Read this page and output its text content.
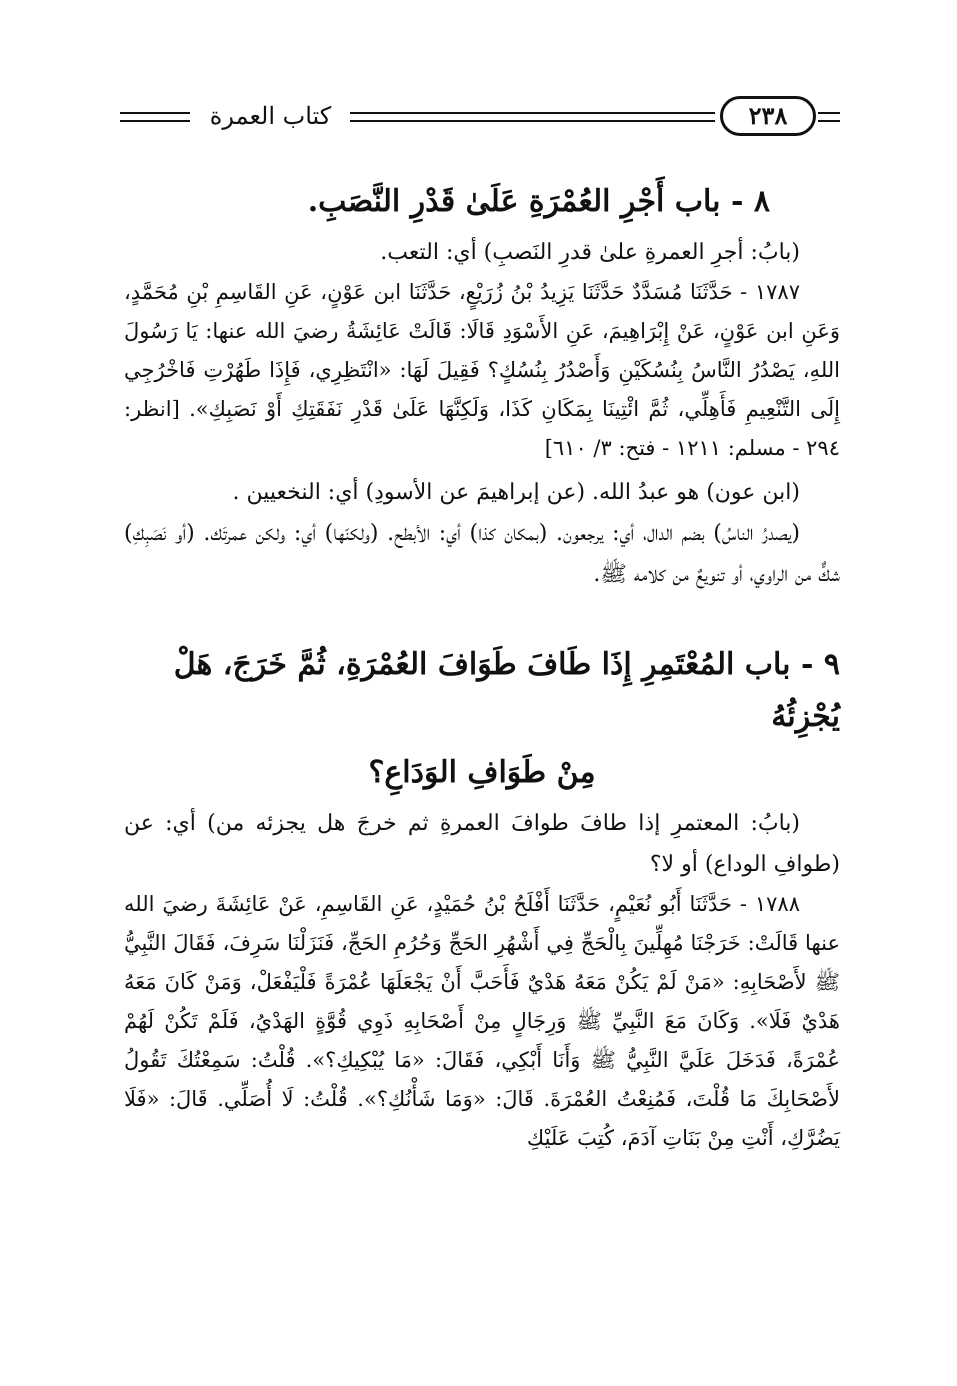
كتاب العمرة	٢٣٨
٨ - باب أَجْرِ العُمْرَةِ عَلَىٰ قَدْرِ النَّصَبِ.

(بابُ: أجرِ العمرةِ علىٰ قدرِ النَصبِ) أي: التعب.

١٧٨٧ - حَدَّثَنَا مُسَدَّدٌ حَدَّثَنَا يَزِيدُ بْنُ زُرَيْعٍ، حَدَّثَنَا ابن عَوْنٍ، عَنِ القَاسِمِ بْنِ مُحَمَّدٍ، وَعَنِ ابن عَوْنٍ، عَنْ إِبْرَاهِيمَ، عَنِ الأَسْوَدِ قَالَا: قَالَتْ عَائِشَةُ رضيَ الله عنها: يَا رَسُولَ اللهِ، يَصْدُرُ النَّاسُ بِنُسُكَيْنِ وَأَصْدُرُ بِنُسُكٍ؟ فَقِيلَ لَهَا: «انْتَظِرِي، فَإِذَا طَهُرْتِ فَاخْرُجِي إِلَى التَّنْعِيمِ فَأَهِلِّي، ثُمَّ ائْتِينَا بِمَكَانِ كَذَا، وَلَكِنَّهَا عَلَىٰ قَدْرِ نَفَقَتِكِ أَوْ نَصَبِكِ». [انظر: ٢٩٤ - مسلم: ١٢١١ - فتح: ٣/ ٦١٠]

(ابن عون) هو عبدُ الله. (عن إبراهيمَ عن الأسودِ) أي: النخعيين .

(يصدرُ الناسُ) بضم الدال، أي: يرجعون. (بمكان كذا) أي: الأبطح. (ولكنّها) أي: ولكن عمرتَك. (أو نَصَبِكِ) شكٌّ من الراوي، أو تنويعٌ من كلامه ﷺ.

٩ - باب المُعْتَمِرِ إِذَا طَافَ طَوَافَ العُمْرَةِ، ثُمَّ خَرَجَ، هَلْ يُجْزِئُهُ
مِنْ طَوَافِ الوَدَاعِ؟

(بابُ: المعتمرِ إذا طافَ طوافَ العمرةِ ثم خرجَ هل يجزئه من) أي: عن (طوافِ الوداع) أو لا؟

١٧٨٨ - حَدَّثَنَا أَبُو نُعَيْمٍ، حَدَّثَنَا أَفْلَحُ بْنُ حُمَيْدٍ، عَنِ القَاسِمِ، عَنْ عَائِشَةَ رضيَ الله عنها قَالَتْ: خَرَجْنَا مُهِلِّينَ بِالْحَجِّ فِي أَشْهُرِ الحَجِّ وَحُرُمِ الحَجِّ، فَنَزَلْنَا سَرِفَ، فَقَالَ النَّبِيُّ ﷺ لأَصْحَابِهِ: «مَنْ لَمْ يَكُنْ مَعَهُ هَدْيٌ فَأَحَبَّ أَنْ يَجْعَلَهَا عُمْرَةً فَلْيَفْعَلْ، وَمَنْ كَانَ مَعَهُ هَدْيٌ فَلَا». وَكَانَ مَعَ النَّبِيِّ ﷺ وَرِجَالٍ مِنْ أَصْحَابِهِ ذَوِي قُوَّةٍ الهَدْيُ، فَلَمْ تَكُنْ لَهُمْ عُمْرَةً، فَدَخَلَ عَلَيَّ النَّبِيُّ ﷺ وَأَنَا أَبْكِي، فَقَالَ: «مَا يُبْكِيكِ؟». قُلْتُ: سَمِعْتُكَ تَقُولُ لأَصْحَابِكَ مَا قُلْتَ، فَمُنِعْتُ العُمْرَةَ. قَالَ: «وَمَا شَأْنُكِ؟». قُلْتُ: لَا أُصَلِّي. قَالَ: «فَلَا يَضُرَّكِ، أَنْتِ مِنْ بَنَاتِ آدَمَ، كُتِبَ عَلَيْكِ
